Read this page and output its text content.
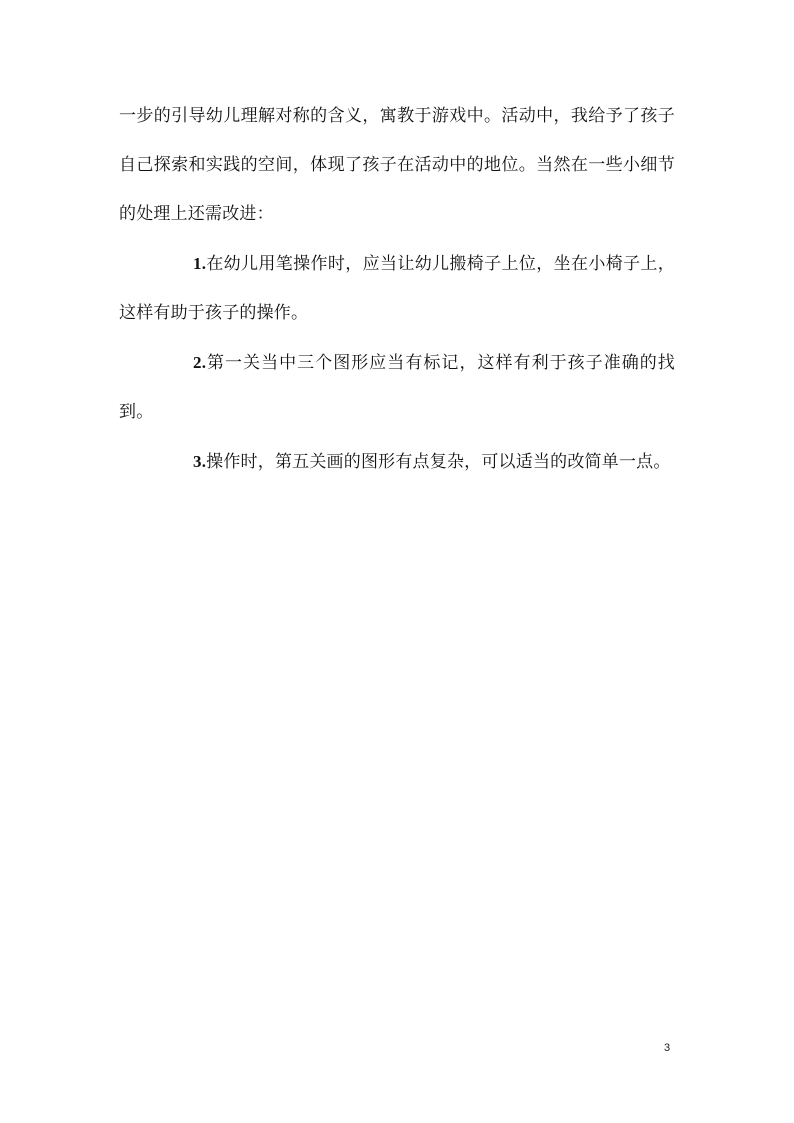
一步的引导幼儿理解对称的含义，寓教于游戏中。活动中，我给予了孩子自己探索和实践的空间，体现了孩子在活动中的地位。当然在一些小细节的处理上还需改进：

1.在幼儿用笔操作时，应当让幼儿搬椅子上位，坐在小椅子上，这样有助于孩子的操作。

2.第一关当中三个图形应当有标记，这样有利于孩子准确的找到。

3.操作时，第五关画的图形有点复杂，可以适当的改简单一点。

3
